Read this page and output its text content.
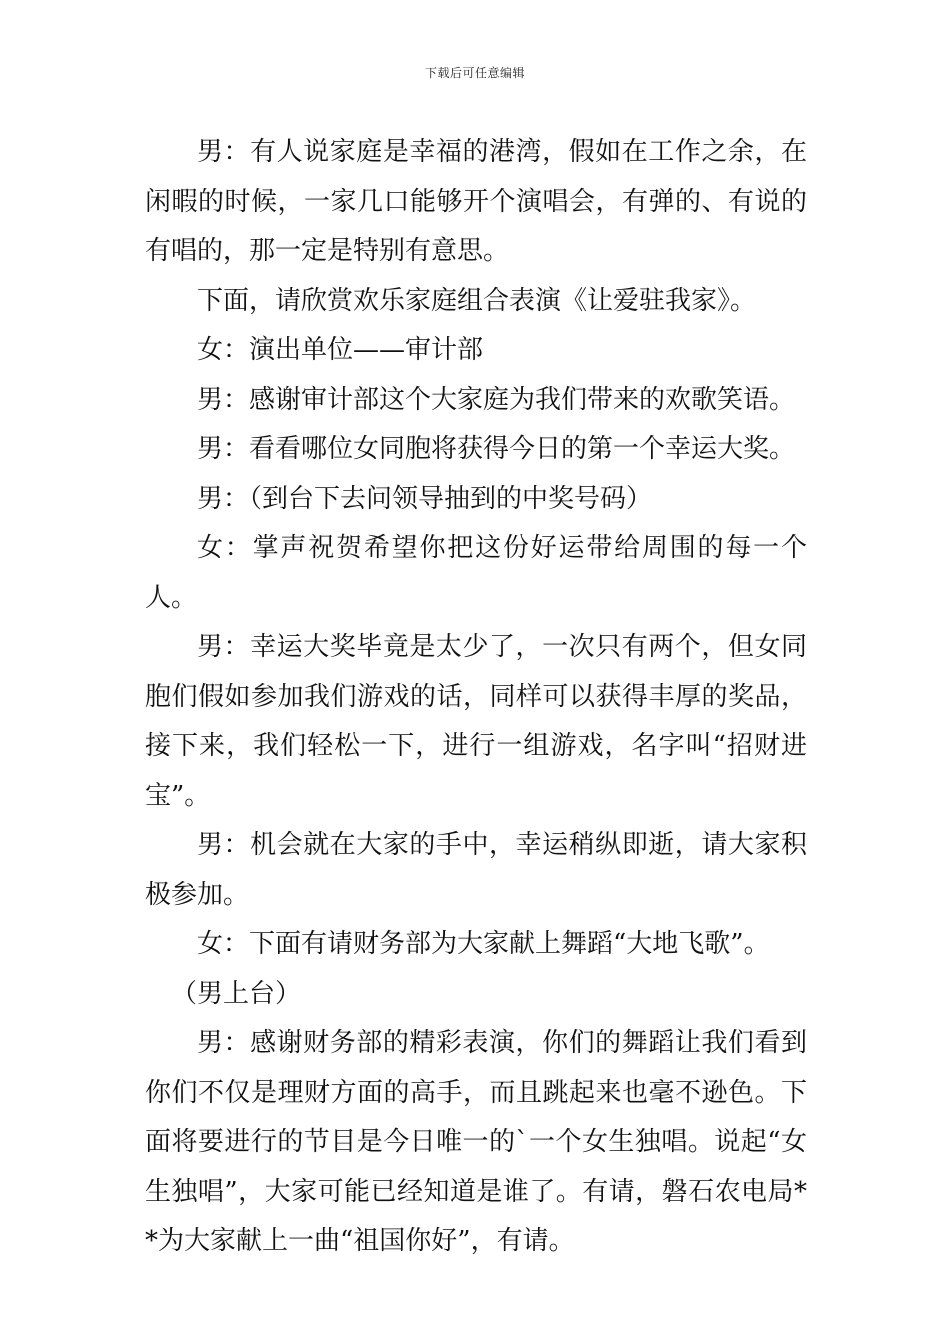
下载后可任意编辑

男：有人说家庭是幸福的港湾，假如在工作之余，在闲暇的时候，一家几口能够开个演唱会，有弹的、有说的有唱的，那一定是特别有意思。

下面，请欣赏欢乐家庭组合表演《让爱驻我家》。

女：演出单位——审计部

男：感谢审计部这个大家庭为我们带来的欢歌笑语。

男：看看哪位女同胞将获得今日的第一个幸运大奖。

男：（到台下去问领导抽到的中奖号码）

女：掌声祝贺希望你把这份好运带给周围的每一个人。

男：幸运大奖毕竟是太少了，一次只有两个，但女同胞们假如参加我们游戏的话，同样可以获得丰厚的奖品，接下来，我们轻松一下，进行一组游戏，名字叫“招财进宝”。

男：机会就在大家的手中，幸运稍纵即逝，请大家积极参加。

女：下面有请财务部为大家献上舞蹈“大地飞歌”。

（男上台）

男：感谢财务部的精彩表演，你们的舞蹈让我们看到你们不仅是理财方面的高手，而且跳起来也毫不逊色。下面将要进行的节目是今日唯一的`一个女生独唱。说起“女生独唱”，大家可能已经知道是谁了。有请，磐石农电局**为大家献上一曲“祖国你好”，有请。
